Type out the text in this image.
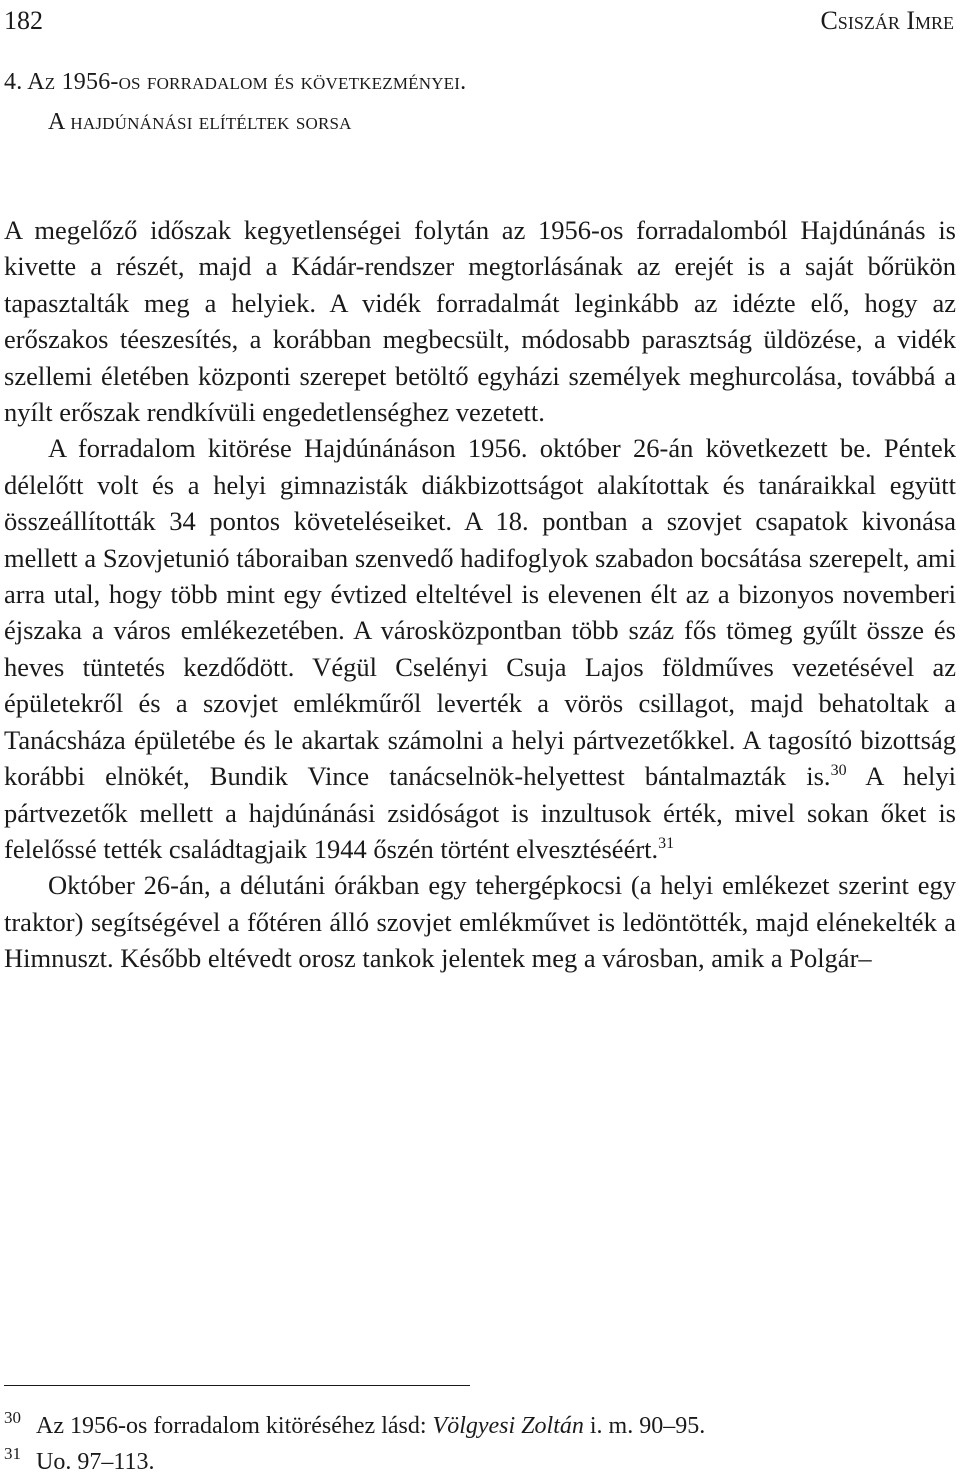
182	Csiszár Imre
4. Az 1956-os forradalom és következményei.
A hajdúnánási elítéltek sorsa

A megelőző időszak kegyetlenségei folytán az 1956-os forradalomból Hajdúnánás is kivette a részét, majd a Kádár-rendszer megtorlásának az erejét is a saját bőrükön tapasztalták meg a helyiek. A vidék forradalmát leginkább az idézte elő, hogy az erőszakos téeszesítés, a korábban megbecsült, módosabb parasztság üldözése, a vidék szellemi életében központi szerepet betöltő egyházi személyek meghurcolása, továbbá a nyílt erőszak rendkívüli engedetlenséghez vezetett.

A forradalom kitörése Hajdúnánáson 1956. október 26-án következett be. Péntek délelőtt volt és a helyi gimnazisták diákbizottságot alakítottak és tanáraikkal együtt összeállították 34 pontos követeléseiket. A 18. pontban a szovjet csapatok kivonása mellett a Szovjetunió táboraiban szenvedő hadifoglyok szabadon bocsátása szerepelt, ami arra utal, hogy több mint egy évtized elteltével is elevenen élt az a bizonyos novemberi éjszaka a város emlékezetében. A városközpontban több száz fős tömeg gyűlt össze és heves tüntetés kezdődött. Végül Cselényi Csuja Lajos földműves vezetésével az épületekről és a szovjet emlékműről leverték a vörös csillagot, majd behatoltak a Tanácsháza épületébe és le akartak számolni a helyi pártvezetőkkel. A tagosító bizottság korábbi elnökét, Bundik Vince tanácselnök-helyettest bántalmazták is.$^{30}$ A helyi pártvezetők mellett a hajdúnánási zsidóságot is inzultusok érték, mivel sokan őket is felelőssé tették családtagjaik 1944 őszén történt elvesztéséért.$^{31}$

Október 26-án, a délutáni órákban egy tehergépkocsi (a helyi emlékezet szerint egy traktor) segítségével a főtéren álló szovjet emlékművet is ledöntötték, majd elénekelték a Himnuszt. Később eltévedt orosz tankok jelentek meg a városban, amik a Polgár–

30 Az 1956-os forradalom kitöréséhez lásd: Völgyesi Zoltán i. m. 90–95.
31 Uo. 97–113.
